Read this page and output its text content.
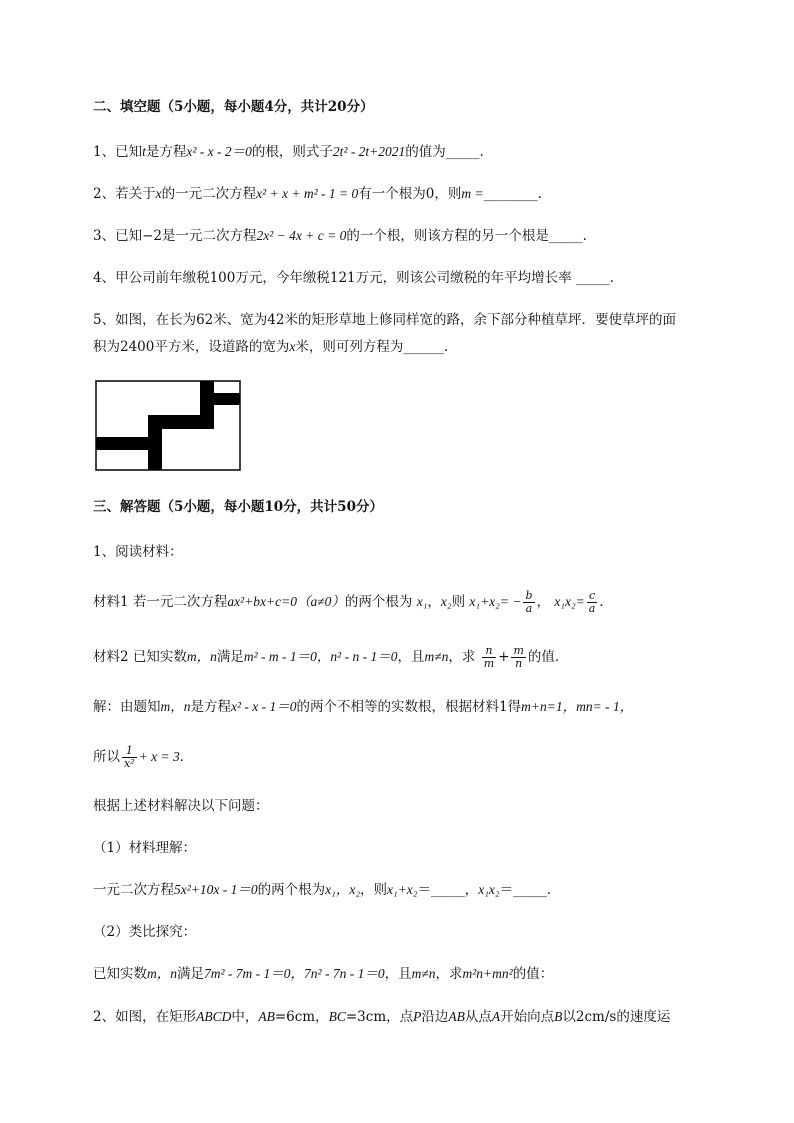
二、填空题（5小题，每小题4分，共计20分）
1、已知t是方程x² - x - 2＝0的根，则式子2t² - 2t+2021的值为_____.
2、若关于x的一元二次方程x² + x + m² - 1 = 0有一个根为0，则m =________.
3、已知−2是一元二次方程2x² − 4x + c = 0的一个根，则该方程的另一个根是_____.
4、甲公司前年缴税100万元，今年缴税121万元，则该公司缴税的年平均增长率 _____.
5、如图，在长为62米、宽为42米的矩形草地上修同样宽的路，余下部分种植草坪．要使草坪的面
积为2400平方米，设道路的宽为x米，则可列方程为______.
三、解答题（5小题，每小题10分，共计50分）
1、阅读材料：
材料1 若一元二次方程ax²+bx+c=0（a≠0）的两个根为 x₁，x₂则 $x_1+x_2= - \frac{b}{a}$ ， $x_1x_2= \frac{c}{a}$ ．
材料2 已知实数m，n满足m² - m - 1＝0，n² - n - 1＝0，且m≠n，求 $\frac{n}{m} + \frac{m}{n}$ 的值．
解：由题知m，n是方程x² - x - 1＝0的两个不相等的实数根，根据材料1得m+n=1，mn= - 1，
所以 $\frac{1}{\text{x²}} + x = 3$．
根据上述材料解决以下问题：
（1）材料理解：
一元二次方程5x²+10x - 1＝0的两个根为x₁，x₂，则x₁+x₂＝_____，x₁x₂＝_____．
（2）类比探究：
已知实数m，n满足7m² - 7m - 1＝0，7n² - 7n - 1＝0，且m≠n，求m²n+mn²的值：
2、如图，在矩形ABCD中，AB=6cm，BC=3cm，点P沿边AB从点A开始向点B以2cm/s的速度运
